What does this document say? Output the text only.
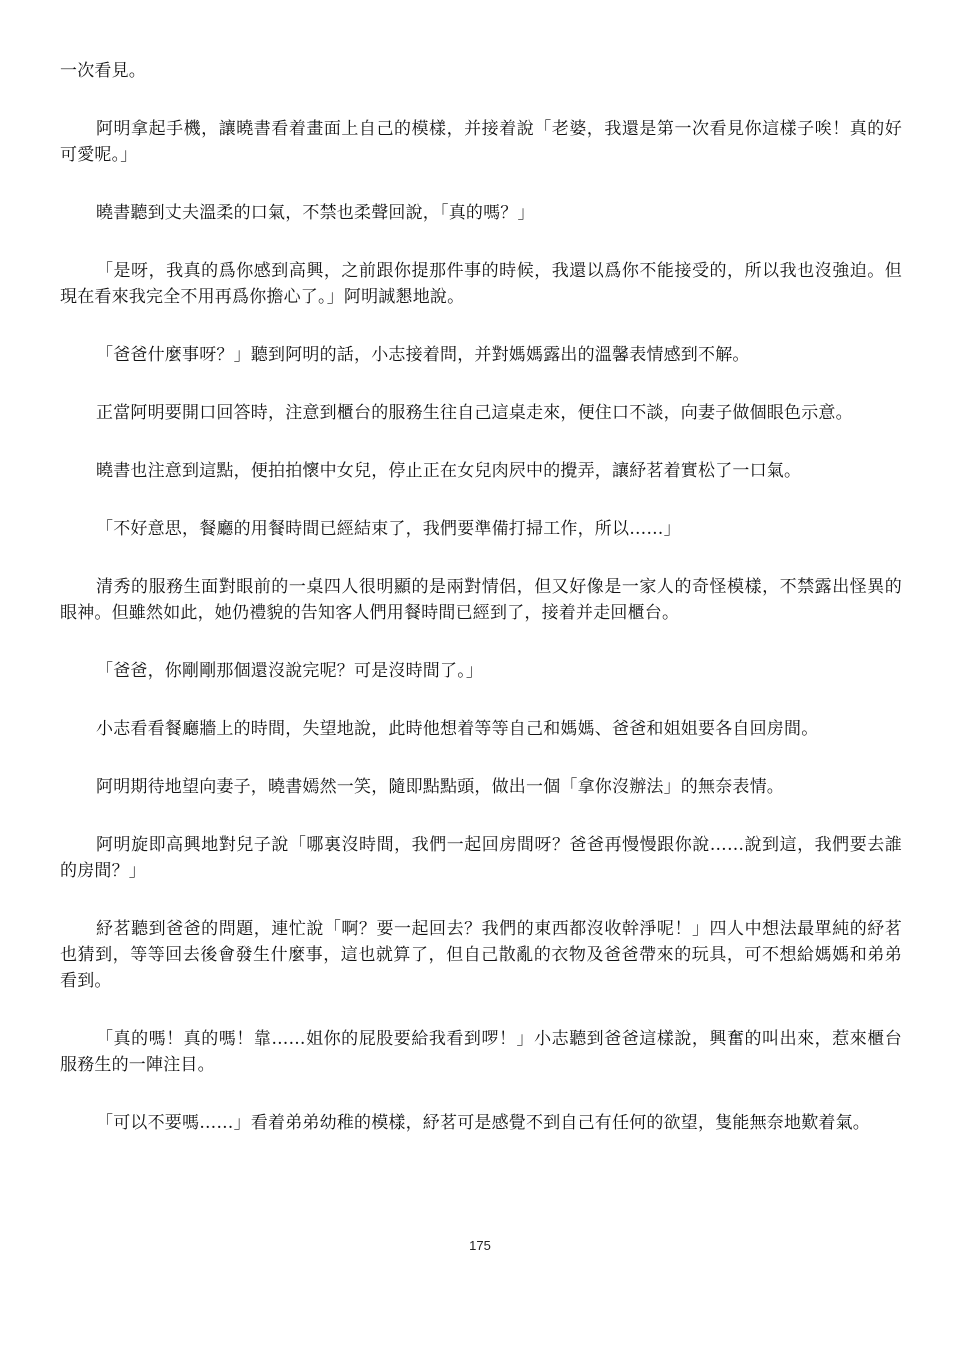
一次看見。

阿明拿起手機，讓曉書看着畫面上自己的模樣，并接着說「老婆，我還是第一次看見你這樣子唉！真的好可愛呢。」

曉書聽到丈夫溫柔的口氣，不禁也柔聲回說，「真的嗎？」

「是呀，我真的爲你感到高興，之前跟你提那件事的時候，我還以爲你不能接受的，所以我也沒強迫。但現在看來我完全不用再爲你擔心了。」阿明誠懇地說。

「爸爸什麼事呀？」聽到阿明的話，小志接着問，并對媽媽露出的溫馨表情感到不解。

正當阿明要開口回答時，注意到櫃台的服務生往自己這桌走來，便住口不談，向妻子做個眼色示意。

曉書也注意到這點，便拍拍懷中女兒，停止正在女兒肉屄中的攪弄，讓紓茗着實松了一口氣。

「不好意思，餐廳的用餐時間已經結束了，我們要準備打掃工作，所以……」

清秀的服務生面對眼前的一桌四人很明顯的是兩對情侶，但又好像是一家人的奇怪模樣，不禁露出怪異的眼神。但雖然如此，她仍禮貌的告知客人們用餐時間已經到了，接着并走回櫃台。

「爸爸，你剛剛那個還沒說完呢？可是沒時間了。」

小志看看餐廳牆上的時間，失望地說，此時他想着等等自己和媽媽、爸爸和姐姐要各自回房間。

阿明期待地望向妻子，曉書嫣然一笑，隨即點點頭，做出一個「拿你沒辦法」的無奈表情。

阿明旋即高興地對兒子說「哪裏沒時間，我們一起回房間呀？爸爸再慢慢跟你說……說到這，我們要去誰的房間？」

紓茗聽到爸爸的問題，連忙說「啊？要一起回去？我們的東西都沒收幹淨呢！」四人中想法最單純的紓茗也猜到，等等回去後會發生什麼事，這也就算了，但自己散亂的衣物及爸爸帶來的玩具，可不想給媽媽和弟弟看到。

「真的嗎！真的嗎！靠……姐你的屁股要給我看到啰！」小志聽到爸爸這樣說，興奮的叫出來，惹來櫃台服務生的一陣注目。

「可以不要嗎……」看着弟弟幼稚的模樣，紓茗可是感覺不到自己有任何的欲望，隻能無奈地歎着氣。

175
